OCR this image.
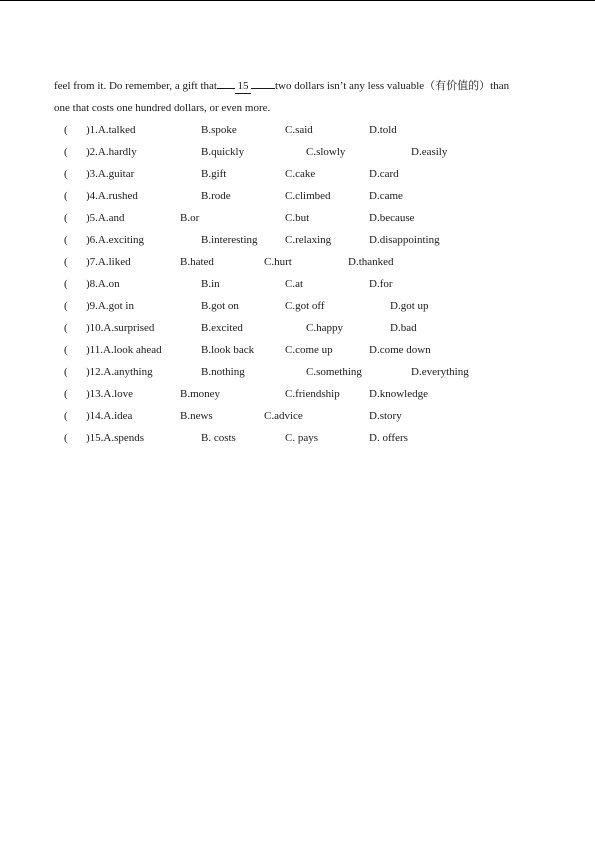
feel from it. Do remember, a gift that 15 two dollars isn’t any less valuable（有价值的）than
one that costs one hundred dollars, or even more.
( )1.A.talked	B.spoke	C.said	D.told
( )2.A.hardly	B.quickly	C.slowly	D.easily
( )3.A.guitar	B.gift	C.cake	D.card
( )4.A.rushed	B.rode	C.climbed	D.came
( )5.A.and	B.or	C.but	D.because
( )6.A.exciting	B.interesting C.relaxing	D.disappointing
( )7.A.liked	B.hated	C.hurt	D.thanked
( )8.A.on	B.in	C.at	D.for
( )9.A.got in	B.got on	C.got off	D.got up
( )10.A.surprised	B.excited	C.happy	D.bad
( )11.A.look ahead	B.look back	C.come up	D.come down
( )12.A.anything	B.nothing	C.something	D.everything
( )13.A.love	B.money	C.friendship	D.knowledge
( )14.A.idea	B.news	C.advice	D.story
( )15.A.spends	B. costs	C. pays	D. offers
